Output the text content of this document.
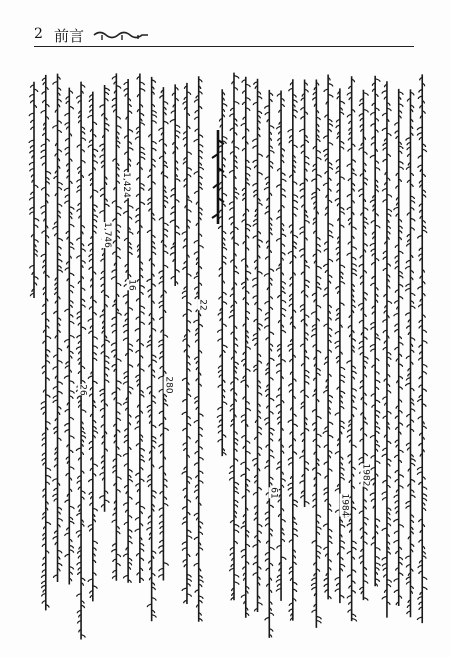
2 前言
1982
1984
61
22
280
16
1,424
26
1,746
